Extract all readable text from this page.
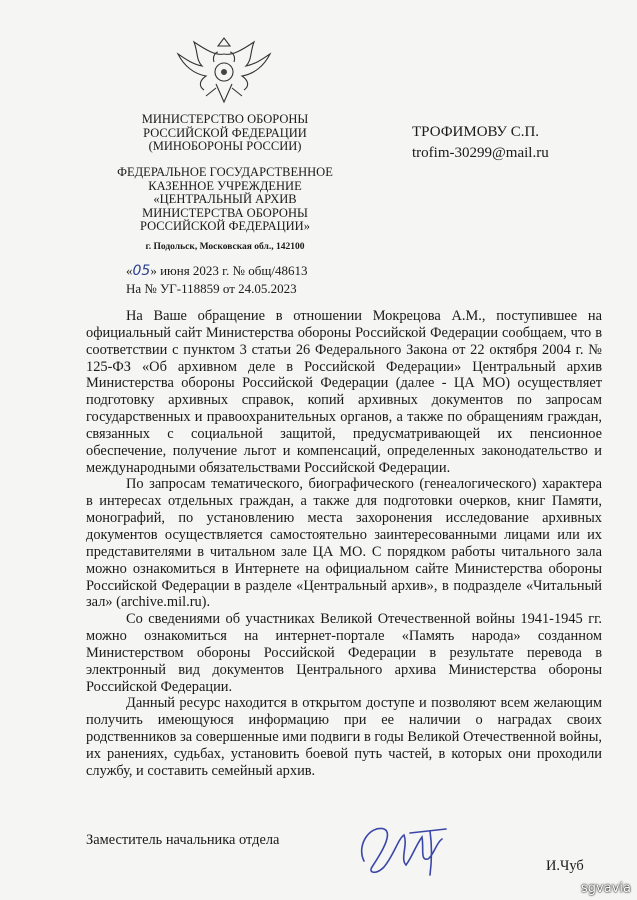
МИНИСТЕРСТВО ОБОРОНЫ
РОССИЙСКОЙ ФЕДЕРАЦИИ
(МИНОБОРОНЫ РОССИИ)
ФЕДЕРАЛЬНОЕ ГОСУДАРСТВЕННОЕ
КАЗЕННОЕ УЧРЕЖДЕНИЕ
«ЦЕНТРАЛЬНЫЙ АРХИВ
МИНИСТЕРСТВА ОБОРОНЫ
РОССИЙСКОЙ ФЕДЕРАЦИИ»
г. Подольск, Московская обл., 142100
«05» июня 2023 г. № общ/48613
На № УГ-118859 от 24.05.2023
ТРОФИМОВУ С.П.
trofim-30299@mail.ru

На Ваше обращение в отношении Мокрецова А.М., поступившее на официальный сайт Министерства обороны Российской Федерации сообщаем, что в соответствии с пунктом 3 статьи 26 Федерального Закона от 22 октября 2004 г. № 125-ФЗ «Об архивном деле в Российской Федерации» Центральный архив Министерства обороны Российской Федерации (далее - ЦА МО) осуществляет подготовку архивных справок, копий архивных документов по запросам государственных и правоохранительных органов, а также по обращениям граждан, связанных с социальной защитой, предусматривающей их пенсионное обеспечение, получение льгот и компенсаций, определенных законодательство и международными обязательствами Российской Федерации.

По запросам тематического, биографического (генеалогического) характера в интересах отдельных граждан, а также для подготовки очерков, книг Памяти, монографий, по установлению места захоронения исследование архивных документов осуществляется самостоятельно заинтересованными лицами или их представителями в читальном зале ЦА МО. С порядком работы читального зала можно ознакомиться в Интернете на официальном сайте Министерства обороны Российской Федерации в разделе «Центральный архив», в подразделе «Читальный зал» (archive.mil.ru).

Со сведениями об участниках Великой Отечественной войны 1941-1945 гг. можно ознакомиться на интернет-портале «Память народа» созданном Министерством обороны Российской Федерации в результате перевода в электронный вид документов Центрального архива Министерства обороны Российской Федерации.

Данный ресурс находится в открытом доступе и позволяют всем желающим получить имеющуюся информацию при ее наличии о наградах своих родственников за совершенные ими подвиги в годы Великой Отечественной войны, их ранениях, судьбах, установить боевой путь частей, в которых они проходили службу, и составить семейный архив.

Заместитель начальника отдела
И.Чуб
sgvavia
